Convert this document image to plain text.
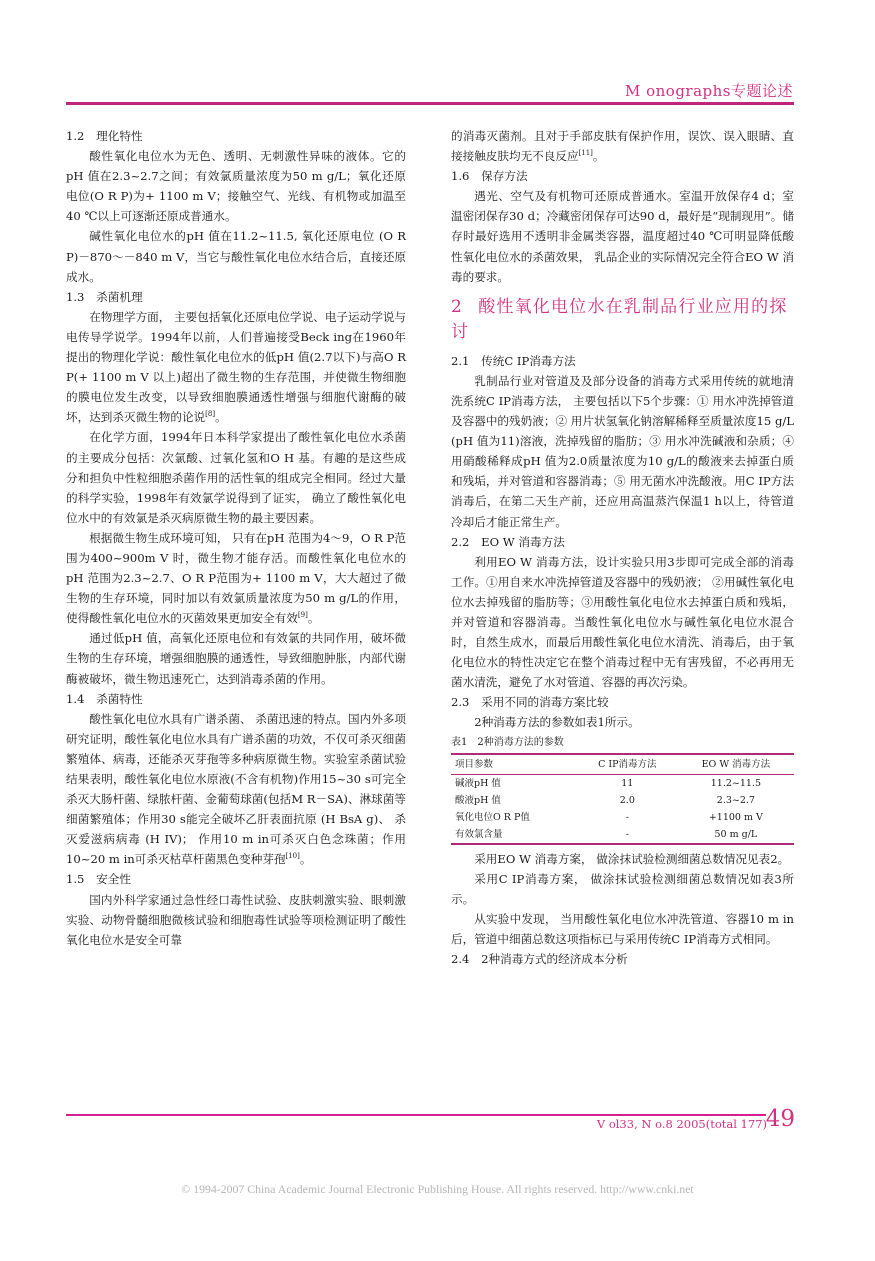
M onographs专题论述
1.2 理化特性

酸性氧化电位水为无色、透明、无刺激性异味的液体。它的pH 值在2.3~2.7之间；有效氯质量浓度为50 m g/L；氧化还原电位(O R P)为+ 1100 m V；接触空气、光线、有机物或加温至40 ℃以上可逐渐还原成普通水。

碱性氧化电位水的pH 值在11.2~11.5, 氧化还原电位 (O R P)－870～－840 m V，当它与酸性氧化电位水结合后，直接还原成水。

1.3 杀菌机理

在物理学方面， 主要包括氧化还原电位学说、电子运动学说与电传导学说学。1994年以前，人们普遍接受Beck ing在1960年提出的物理化学说：酸性氧化电位水的低pH 值(2.7以下)与高O R P(+ 1100 m V 以上)超出了微生物的生存范围，并使微生物细胞的膜电位发生改变，以导致细胞膜通透性增强与细胞代谢酶的破坏，达到杀灭微生物的论说[8]。

在化学方面，1994年日本科学家提出了酸性氧化电位水杀菌的主要成分包括：次氯酸、过氧化氢和O H 基。有趣的是这些成分和担负中性粒细胞杀菌作用的活性氧的组成完全相同。经过大量的科学实验，1998年有效氯学说得到了证实， 确立了酸性氧化电位水中的有效氯是杀灭病原微生物的最主要因素。

根据微生物生成环境可知， 只有在pH 范围为4～9，O R P范围为400~900m V 时，微生物才能存活。而酸性氧化电位水的pH 范围为2.3~2.7、O R P范围为+ 1100 m V，大大超过了微生物的生存环境，同时加以有效氯质量浓度为50 m g/L的作用， 使得酸性氧化电位水的灭菌效果更加安全有效[9]。

通过低pH 值，高氧化还原电位和有效氯的共同作用，破坏微生物的生存环境，增强细胞膜的通透性，导致细胞肿胀，内部代谢酶被破坏，微生物迅速死亡，达到消毒杀菌的作用。

1.4 杀菌特性

酸性氧化电位水具有广谱杀菌、 杀菌迅速的特点。国内外多项研究证明，酸性氧化电位水具有广谱杀菌的功效，不仅可杀灭细菌繁殖体、病毒，还能杀灭芽孢等多种病原微生物。实验室杀菌试验结果表明，酸性氧化电位水原液(不含有机物)作用15~30 s可完全杀灭大肠杆菌、绿脓杆菌、金葡萄球菌(包括M R－SA)、淋球菌等细菌繁殖体；作用30 s能完全破坏乙肝表面抗原 (H BsA g)、 杀灭爱滋病病毒 (H IV)； 作用10 m in可杀灭白色念珠菌；作用10~20 m in可杀灭枯草杆菌黑色变种芽孢[10]。

1.5 安全性

国内外科学家通过急性经口毒性试验、皮肤刺激实验、眼刺激实验、动物骨髓细胞微核试验和细胞毒性试验等项检测证明了酸性氧化电位水是安全可靠

的消毒灭菌剂。且对于手部皮肤有保护作用，误饮、误入眼睛、直接接触皮肤均无不良反应[11]。

1.6 保存方法

遇光、空气及有机物可还原成普通水。室温开放保存4 d；室温密闭保存30 d；冷藏密闭保存可达90 d，最好是“现制现用”。储存时最好选用不透明非金属类容器，温度超过40 ℃可明显降低酸性氧化电位水的杀菌效果， 乳品企业的实际情况完全符合EO W 消毒的要求。

2 酸性氧化电位水在乳制品行业应用的探讨
2.1 传统C IP消毒方法

乳制品行业对管道及及部分设备的消毒方式采用传统的就地清洗系统C IP消毒方法， 主要包括以下5个步骤：① 用水冲洗掉管道及容器中的残奶液；② 用片状氢氧化钠溶解稀释至质量浓度15 g/L (pH 值为11)溶液，洗掉残留的脂肪；③ 用水冲洗碱液和杂质；④ 用硝酸稀释成pH 值为2.0质量浓度为10 g/L的酸液来去掉蛋白质和残垢，并对管道和容器消毒；⑤ 用无菌水冲洗酸液。用C IP方法消毒后，在第二天生产前，还应用高温蒸汽保温1 h以上，待管道冷却后才能正常生产。

2.2 EO W 消毒方法

利用EO W 消毒方法，设计实验只用3步即可完成全部的消毒工作。①用自来水冲洗掉管道及容器中的残奶液； ②用碱性氧化电位水去掉残留的脂肪等；③用酸性氧化电位水去掉蛋白质和残垢，并对管道和容器消毒。当酸性氧化电位水与碱性氧化电位水混合时，自然生成水，而最后用酸性氧化电位水清洗、消毒后，由于氧化电位水的特性决定它在整个消毒过程中无有害残留，不必再用无菌水清洗，避免了水对管道、容器的再次污染。

2.3 采用不同的消毒方案比较

2种消毒方法的参数如表1所示。

表1　2种消毒方法的参数

项目参数	C IP消毒方法	EO W 消毒方法
碱液pH 值	11	11.2~11.5
酸液pH 值	2.0	2.3~2.7
氧化电位O R P值	-	+1100 m V
有效氯含量	-	50 m g/L

采用EO W 消毒方案， 做涂抹试验检测细菌总数情况见表2。

采用C IP消毒方案， 做涂抹试验检测细菌总数情况如表3所示。

从实验中发现， 当用酸性氧化电位水冲洗管道、容器10 m in后，管道中细菌总数这项指标已与采用传统C IP消毒方式相同。

2.4 2种消毒方式的经济成本分析
V ol33, N o.8 2005(total 177)
49
© 1994-2007 China Academic Journal Electronic Publishing House. All rights reserved. http://www.cnki.net
